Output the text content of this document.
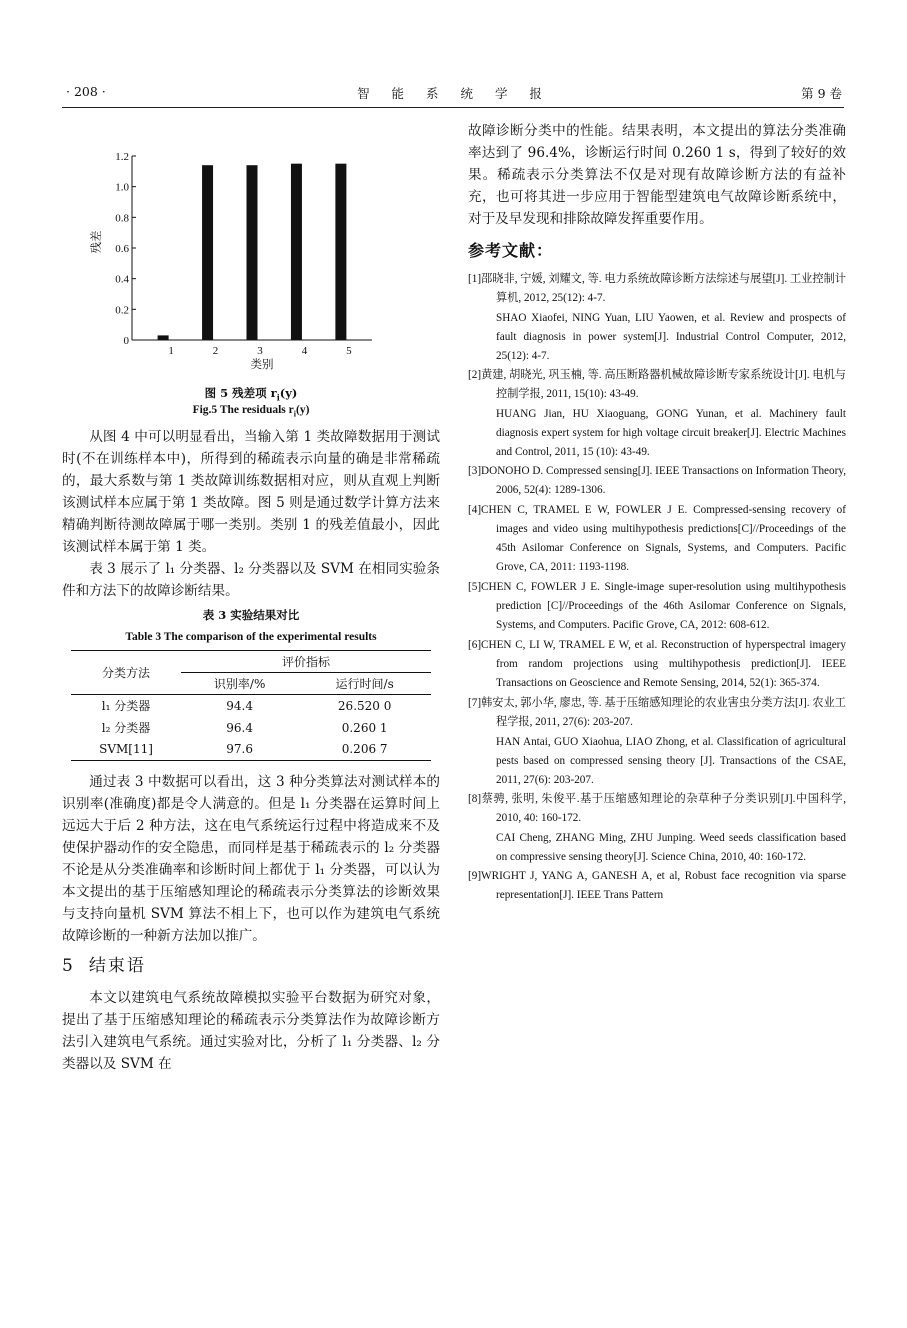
· 208 ·	智 能 系 统 学 报	第 9 卷
0
0.2
0.4
0.6
0.8
1.0
1.2
1	2	3	4	5
类别
残差
图 5 残差项 $r_i(y)$
Fig.5 The residuals $r_i(y)$

从图 4 中可以明显看出，当输入第 1 类故障数据用于测试时(不在训练样本中)，所得到的稀疏表示向量的确是非常稀疏的，最大系数与第 1 类故障训练数据相对应，则从直观上判断该测试样本应属于第 1 类故障。图 5 则是通过数学计算方法来精确判断待测故障属于哪一类别。类别 1 的残差值最小，因此该测试样本属于第 1 类。

表 3 展示了 l₁ 分类器、l₂ 分类器以及 SVM 在相同实验条件和方法下的故障诊断结果。

表 3 实验结果对比
Table 3 The comparison of the experimental results
分类方法	评价指标	
	识别率/%	运行时间/s
l₁ 分类器	94.4	26.520 0
l₂ 分类器	96.4	0.260 1
SVM[11]	97.6	0.206 7

通过表 3 中数据可以看出，这 3 种分类算法对测试样本的识别率(准确度)都是令人满意的。但是 l₁ 分类器在运算时间上远远大于后 2 种方法，这在电气系统运行过程中将造成来不及使保护器动作的安全隐患，而同样是基于稀疏表示的 l₂ 分类器不论是从分类准确率和诊断时间上都优于 l₁ 分类器，可以认为本文提出的基于压缩感知理论的稀疏表示分类算法的诊断效果与支持向量机 SVM 算法不相上下，也可以作为建筑电气系统故障诊断的一种新方法加以推广。

5 结束语

本文以建筑电气系统故障模拟实验平台数据为研究对象，提出了基于压缩感知理论的稀疏表示分类算法作为故障诊断方法引入建筑电气系统。通过实验对比，分析了 l₁ 分类器、l₂ 分类器以及 SVM 在

故障诊断分类中的性能。结果表明，本文提出的算法分类准确率达到了 96.4%，诊断运行时间 0.260 1 s，得到了较好的效果。稀疏表示分类算法不仅是对现有故障诊断方法的有益补充，也可将其进一步应用于智能型建筑电气故障诊断系统中，对于及早发现和排除故障发挥重要作用。

参考文献：
[1]邵晓非, 宁媛, 刘耀文, 等. 电力系统故障诊断方法综述与展望[J]. 工业控制计算机, 2012, 25(12): 4-7.
SHAO Xiaofei, NING Yuan, LIU Yaowen, et al. Review and prospects of fault diagnosis in power system[J]. Industrial Control Computer, 2012, 25(12): 4-7.
[2]黄建, 胡晓光, 巩玉楠, 等. 高压断路器机械故障诊断专家系统设计[J]. 电机与控制学报, 2011, 15(10): 43-49.
HUANG Jian, HU Xiaoguang, GONG Yunan, et al. Machinery fault diagnosis expert system for high voltage circuit breaker[J]. Electric Machines and Control, 2011, 15 (10): 43-49.
[3]DONOHO D. Compressed sensing[J]. IEEE Transactions on Information Theory, 2006, 52(4): 1289-1306.
[4]CHEN C, TRAMEL E W, FOWLER J E. Compressed-sensing recovery of images and video using multihypothesis predictions[C]//Proceedings of the 45th Asilomar Conference on Signals, Systems, and Computers. Pacific Grove, CA, 2011: 1193-1198.
[5]CHEN C, FOWLER J E. Single-image super-resolution using multihypothesis prediction [C]//Proceedings of the 46th Asilomar Conference on Signals, Systems, and Computers. Pacific Grove, CA, 2012: 608-612.
[6]CHEN C, LI W, TRAMEL E W, et al. Reconstruction of hyperspectral imagery from random projections using multihypothesis prediction[J]. IEEE Transactions on Geoscience and Remote Sensing, 2014, 52(1): 365-374.
[7]韩安太, 郭小华, 廖忠, 等. 基于压缩感知理论的农业害虫分类方法[J]. 农业工程学报, 2011, 27(6): 203-207.
HAN Antai, GUO Xiaohua, LIAO Zhong, et al. Classification of agricultural pests based on compressed sensing theory [J]. Transactions of the CSAE, 2011, 27(6): 203-207.
[8]蔡骋, 张明, 朱俊平.基于压缩感知理论的杂草种子分类识别[J].中国科学, 2010, 40: 160-172.
CAI Cheng, ZHANG Ming, ZHU Junping. Weed seeds classification based on compressive sensing theory[J]. Science China, 2010, 40: 160-172.
[9]WRIGHT J, YANG A, GANESH A, et al, Robust face recognition via sparse representation[J]. IEEE Trans Pattern
